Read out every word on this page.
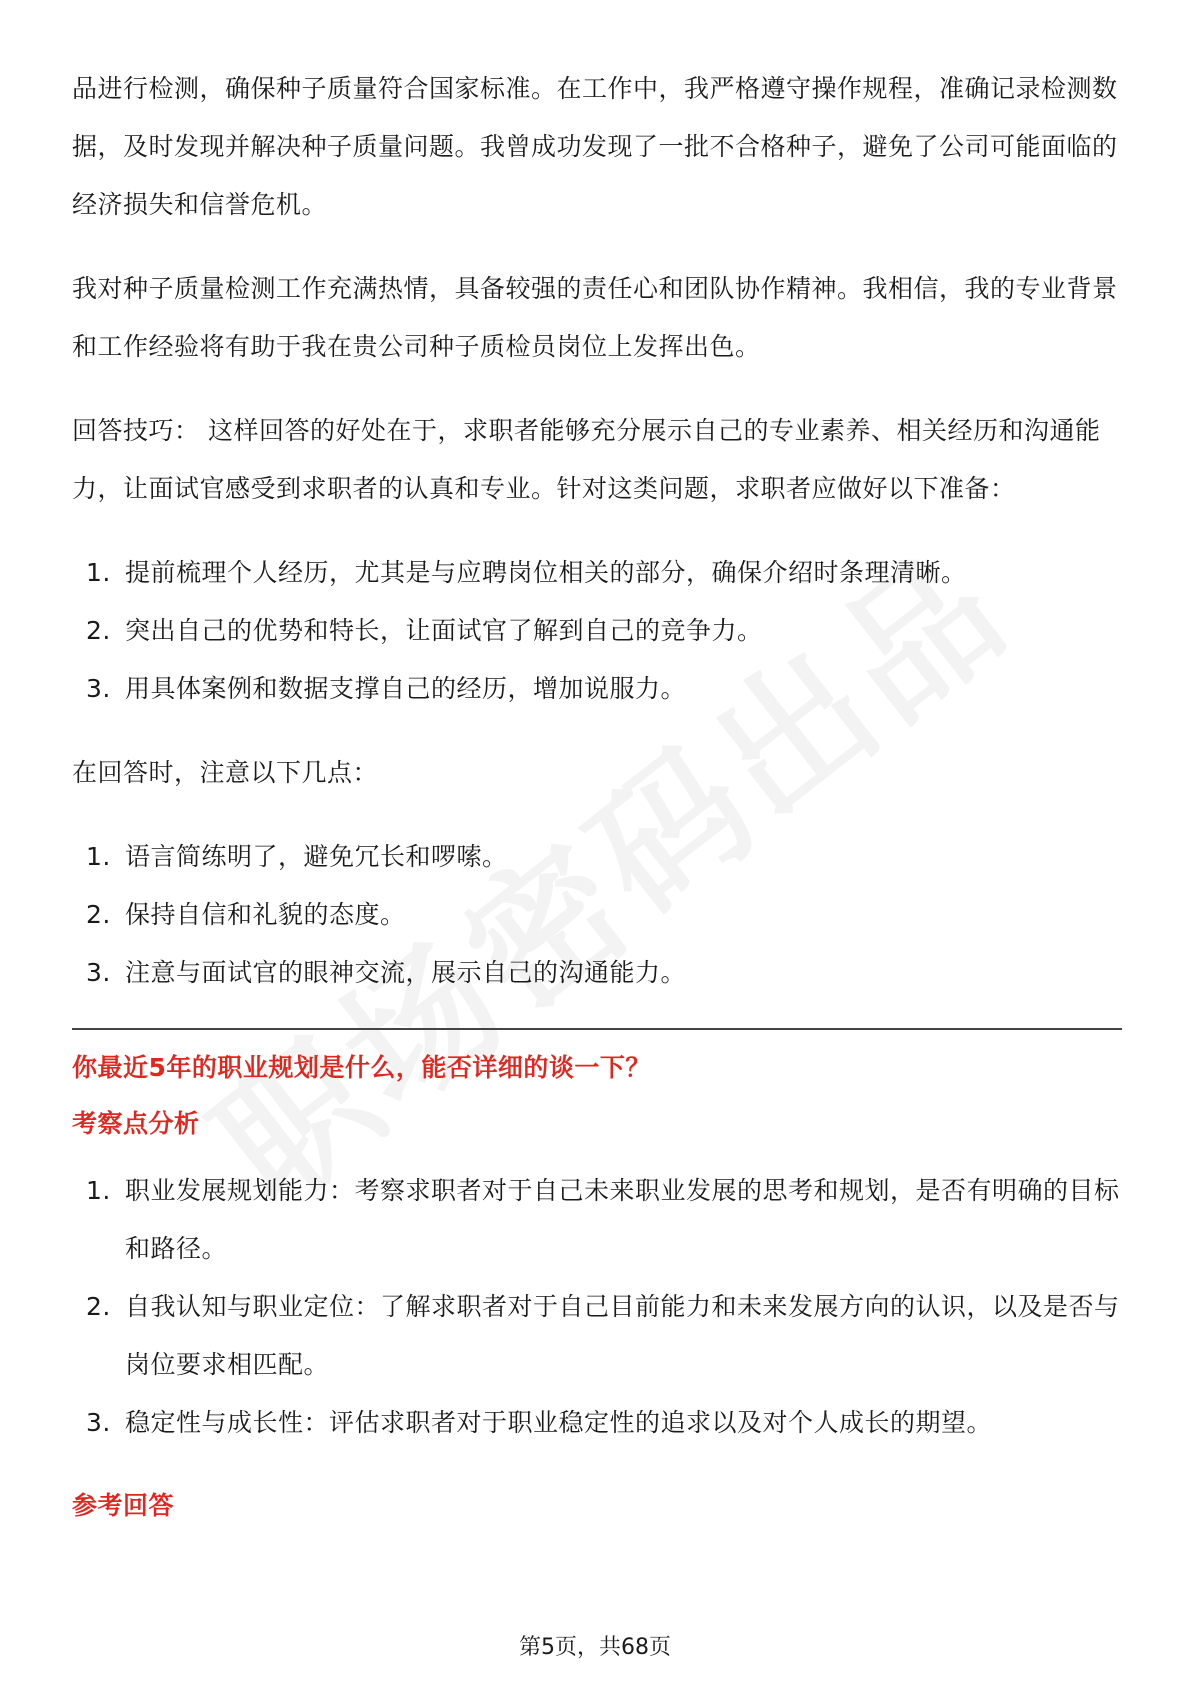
品进行检测，确保种子质量符合国家标准。在工作中，我严格遵守操作规程，准确记录检测数据，及时发现并解决种子质量问题。我曾成功发现了一批不合格种子，避免了公司可能面临的经济损失和信誉危机。

我对种子质量检测工作充满热情，具备较强的责任心和团队协作精神。我相信，我的专业背景和工作经验将有助于我在贵公司种子质检员岗位上发挥出色。

回答技巧： 这样回答的好处在于，求职者能够充分展示自己的专业素养、相关经历和沟通能力，让面试官感受到求职者的认真和专业。针对这类问题，求职者应做好以下准备：

1. 提前梳理个人经历，尤其是与应聘岗位相关的部分，确保介绍时条理清晰。
2. 突出自己的优势和特长，让面试官了解到自己的竞争力。
3. 用具体案例和数据支撑自己的经历，增加说服力。

在回答时，注意以下几点：

1. 语言简练明了，避免冗长和啰嗦。
2. 保持自信和礼貌的态度。
3. 注意与面试官的眼神交流，展示自己的沟通能力。
你最近5年的职业规划是什么，能否详细的谈一下？
考察点分析
1. 职业发展规划能力：考察求职者对于自己未来职业发展的思考和规划，是否有明确的目标和路径。
2. 自我认知与职业定位：了解求职者对于自己目前能力和未来发展方向的认识，以及是否与岗位要求相匹配。
3. 稳定性与成长性：评估求职者对于职业稳定性的追求以及对个人成长的期望。
参考回答
第5页，共68页
